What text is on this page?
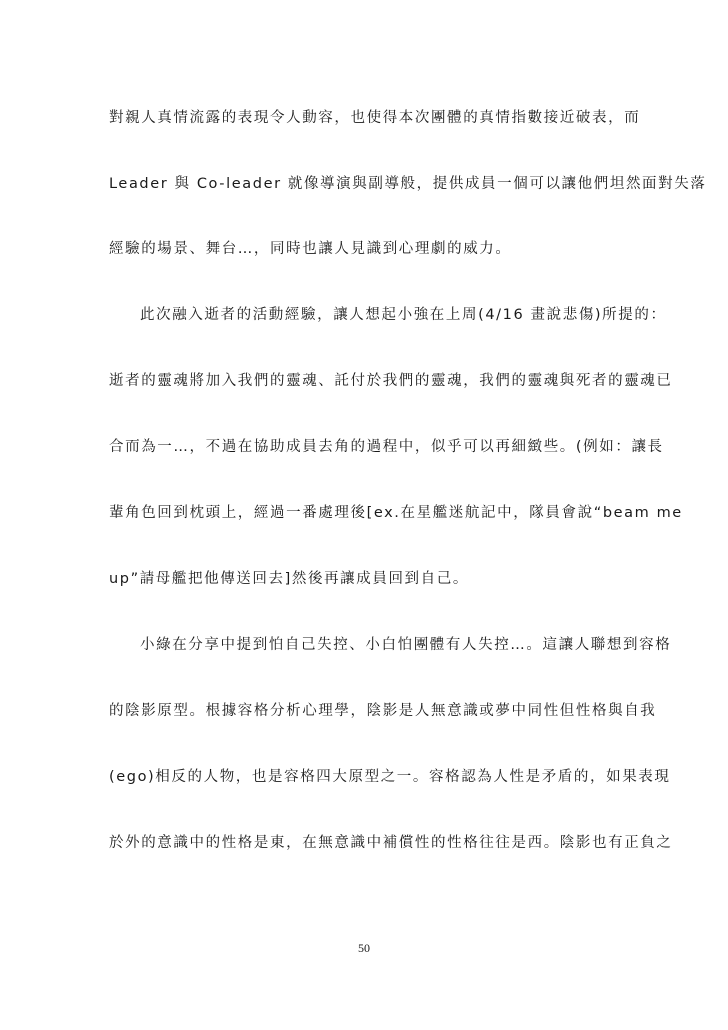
對親人真情流露的表現令人動容，也使得本次團體的真情指數接近破表，而
Leader 與 Co-leader 就像導演與副導般，提供成員一個可以讓他們坦然面對失落
經驗的場景、舞台…，同時也讓人見識到心理劇的威力。
此次融入逝者的活動經驗，讓人想起小強在上周(4/16 畫說悲傷)所提的：
逝者的靈魂將加入我們的靈魂、託付於我們的靈魂，我們的靈魂與死者的靈魂已
合而為一…，不過在協助成員去角的過程中，似乎可以再細緻些。(例如：讓長
輩角色回到枕頭上，經過一番處理後[ex.在星艦迷航記中，隊員會說“beam me
up”請母艦把他傳送回去]然後再讓成員回到自己。
小綠在分享中提到怕自己失控、小白怕團體有人失控…。這讓人聯想到容格
的陰影原型。根據容格分析心理學，陰影是人無意識或夢中同性但性格與自我
(ego)相反的人物，也是容格四大原型之一。容格認為人性是矛盾的，如果表現
於外的意識中的性格是東，在無意識中補償性的性格往往是西。陰影也有正負之
50
